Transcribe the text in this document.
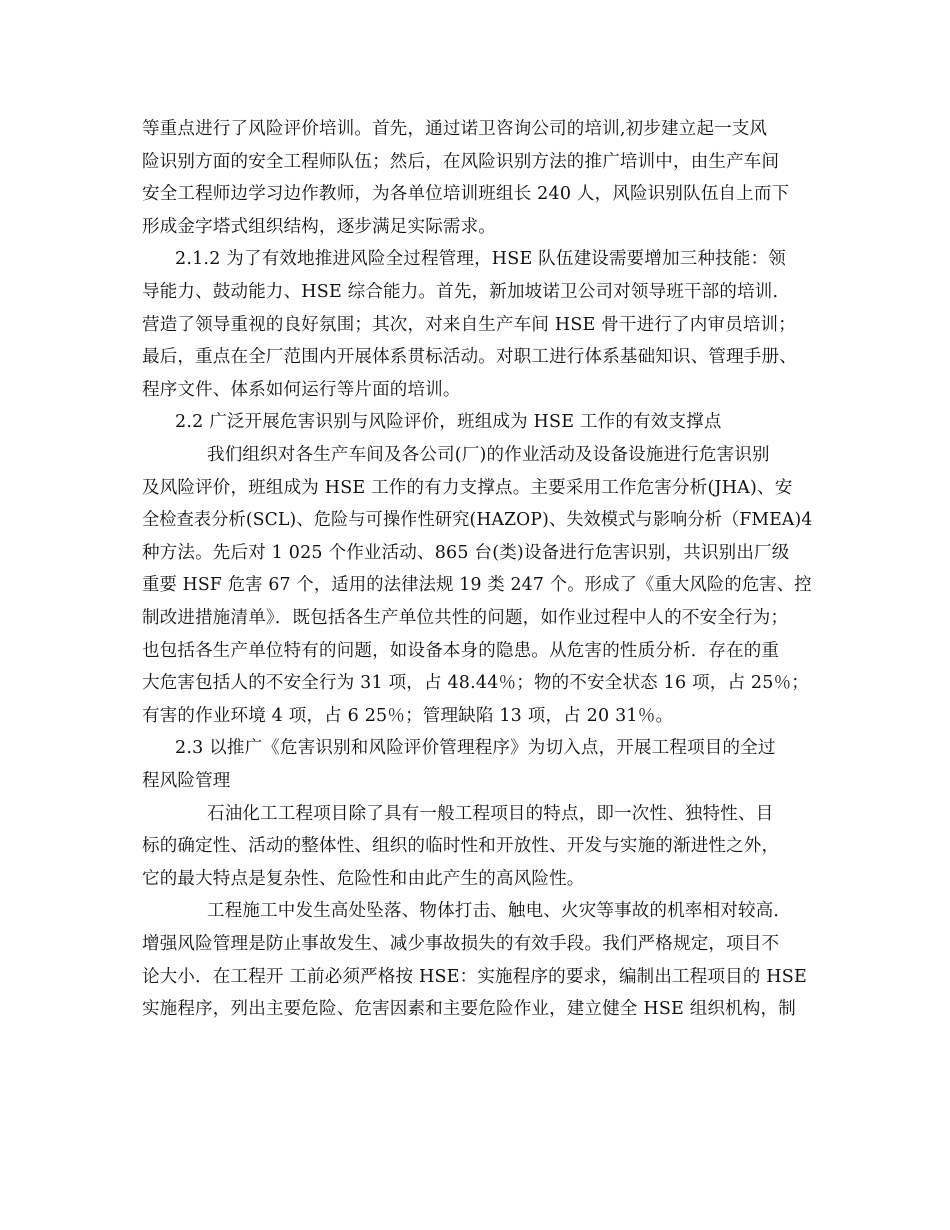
等重点进行了风险评价培训。首先，通过诺卫咨询公司的培训,初步建立起一支风
险识别方面的安全工程师队伍；然后，在风险识别方法的推广培训中，由生产车间
安全工程师边学习边作教师，为各单位培训班组长 240 人，风险识别队伍自上而下
形成金字塔式组织结构，逐步满足实际需求。
2.1.2 为了有效地推进风险全过程管理，HSE 队伍建设需要增加三种技能：领
导能力、鼓动能力、HSE 综合能力。首先，新加坡诺卫公司对领导班干部的培训.
营造了领导重视的良好氛围；其次，对来自生产车间 HSE 骨干进行了内审员培训；
最后，重点在全厂范围内开展体系贯标活动。对职工进行体系基础知识、管理手册、
程序文件、体系如何运行等片面的培训。
2.2 广泛开展危害识别与风险评价，班组成为 HSE 工作的有效支撑点
我们组织对各生产车间及各公司(厂)的作业活动及设备设施进行危害识别
及风险评价，班组成为 HSE 工作的有力支撑点。主要采用工作危害分析(JHA)、安
全检查表分析(SCL)、危险与可操作性研究(HAZOP)、失效模式与影响分析（FMEA)4
种方法。先后对 1 025 个作业活动、865 台(类)设备进行危害识别，共识别出厂级
重要 HSF 危害 67 个，适用的法律法规 19 类 247 个。形成了《重大风险的危害、控
制改进措施清单》．既包括各生产单位共性的问题，如作业过程中人的不安全行为；
也包括各生产单位特有的问题，如设备本身的隐患。从危害的性质分析．存在的重
大危害包括人的不安全行为 31 项，占 48.44％；物的不安全状态 16 项，占 25％；
有害的作业环境 4 项，占 6 25％；管理缺陷 13 项，占 20 31％。
2.3 以推广《危害识别和风险评价管理程序》为切入点，开展工程项目的全过
程风险管理
石油化工工程项目除了具有一般工程项目的特点，即一次性、独特性、目
标的确定性、活动的整体性、组织的临时性和开放性、开发与实施的渐进性之外，
它的最大特点是复杂性、危险性和由此产生的高风险性。
工程施工中发生高处坠落、物体打击、触电、火灾等事故的机率相对较高．
增强风险管理是防止事故发生、减少事故损失的有效手段。我们严格规定，项目不
论大小．在工程开 工前必须严格按 HSE：实施程序的要求，编制出工程项目的 HSE
实施程序，列出主要危险、危害因素和主要危险作业，建立健全 HSE 组织机构，制
